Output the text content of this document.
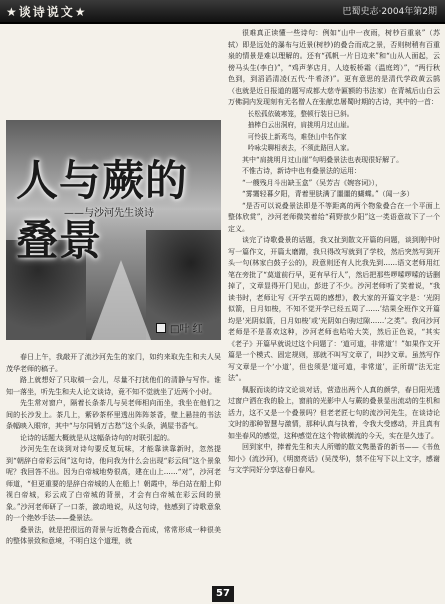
★谈诗说文★	巴蜀史志·2004年第2期
人与蕨的叠景
——与沙河先生谈诗
□叶 红

春日上午，我敲开了流沙河先生的家门，如约来取先生和夫人吴茂华老师的稿子。

路上就想好了只取稿一会儿，尽量不打扰他们的清静与写作。谁知一落坐，听先生和夫人论文谈诗，竟不知不觉就坐了近两个小时。

先生常对窗户，隔着长条茶几与吴老师相向而坐，我坐在他们之间的长沙发上。茶几上，紫砂茶杯里透出阵阵茶香，壁上悬挂的书法条幅映入眼帘，其中“与尔同销万古愁”这个头条，满屋书香气。

论诗的话题大概就是从这幅条诗句的对联引起的。

沙河先生在谈到对诗句要反复玩味，才能靠读靠新时，忽然提到“朝辞白帝彩云间”这句诗，他问我为什么会出现“彩云间”这个景象呢？我回答不出。因为白帝城地势很高，建在山上……“对”，沙河老师道，“但更重要的是辞白帝城的人在船上！朝霞中，举白站在船上仰视白帝城，彩云成了白帝城的背景，才会有白帝城在彩云间的景象。”沙河老师研了一口茶，激动地说，从这句诗，他感到了诗歌意象的一个绝妙手法——叠景法。

叠景法，就是把很远的背景与近物叠合而成，常常形成一种很美的整体景致和意境，不明白这个道理，就

很难真正读懂一些诗句：例如“山中一夜雨，树杪百重泉”（苏轼）即是远处的瀑布与近景(树杪)的叠合而成之景，否则树稍有百重泉的情景是难以理解的。还有“孤帆一片日边来”和“山从人面起，云傍马头生(李白)”，“鸡声茅店月，人迹板桥霜（温庭筠）”，“两行秋色到，到滔滔清凌(五代·牛希济)”。更有意思的是清代学政黄云鹄（也就是近日报道的题写成都大慈寺匾额的书法家）在青城后山白云万佛洞内发现刻有无名僧人在张献忠屠蜀时期的古诗，其中的一首：

长松孤依破寒笼，整顿行装日已斜。

抽棒白云出洞府，肩挑明月过山崖。

可怜拔上新鸾鸟，难登山中名作家

吟咏尖聊相表去，不须此路回人家。

其中“肩挑明月过山崖”句明叠景法也表现很好解了。

不惟古诗，新诗中也有叠景法的运用：

“一艘残月斗出缺玉盒”（吴芳吉《婉容词》），

“雾霭轻暮夕阳，青着里肤满了噩噩的蝴蝶。”（闻一多）

“是否可以说叠景法即是不等距离的两个物象叠合在一个平面上整体欣赏”，沙河老师微笑着给“莉野歆少阳”这一类语意故下了一个定义。

谈完了诗歌叠景的话题，我又扯到散文开篇的问题，谈到刚中时写一篇作文，开篇太磨蹭，我只得改写就到了学校，然后突然写到开头一句(林家白鼓子公的)，段意则还有人比我先到……语文老师用红笔在旁批了“莫道前行早，更有早行人”，然后把那些啰嗦啰嗦的话删掉了，文章显得开门见山，彭进了不少。沙河老师听了笑着说，“我读书时，老师让写《开学五周的感想》，教大家的开篇文字是：‘光阴似箭，日月如梭，不知不觉开学已经五周了……’结果全班作文开篇均是‘光阴似箭，日月如梭’或‘光阴如白驹过隙……’之类”。我问沙河老师是不是喜欢这种，沙河老师也哈哈大笑，然后正色说，“其实《老子》开篇早就说过这个问题了：‘道可道，非常道’！”如果作文开篇是一个模式、固定规则，那就不叫写文章了，叫抄文章。虽然写作写文章是一个‘小道’，但也须是‘道可道，非常道’，正所谓“法无定法”。

佩服而谈的诗文论谈对话，营造出两个人真的颜学，春日阳光透过窗户洒在我的脸上，窗前的光影中人与蕨的叠景显出流动的生机和活力，这不又是一个叠景吗？但老老匠七句的流沙河先生，在谈诗论文时的那种智慧与激情，那种认真与执着，令我大受感动，并且真有如坐春风的感觉，这种感觉在这个物欲横流的今天，实在是久违了。

回到家中，捧着先生和夫人所赠的散文隽墨香的新书——《书鱼知小》(流沙河)，《明窗亮话》(吴茂华)，禁不住写下以上文字，感谢与文学同好分享这春日春风。

57
